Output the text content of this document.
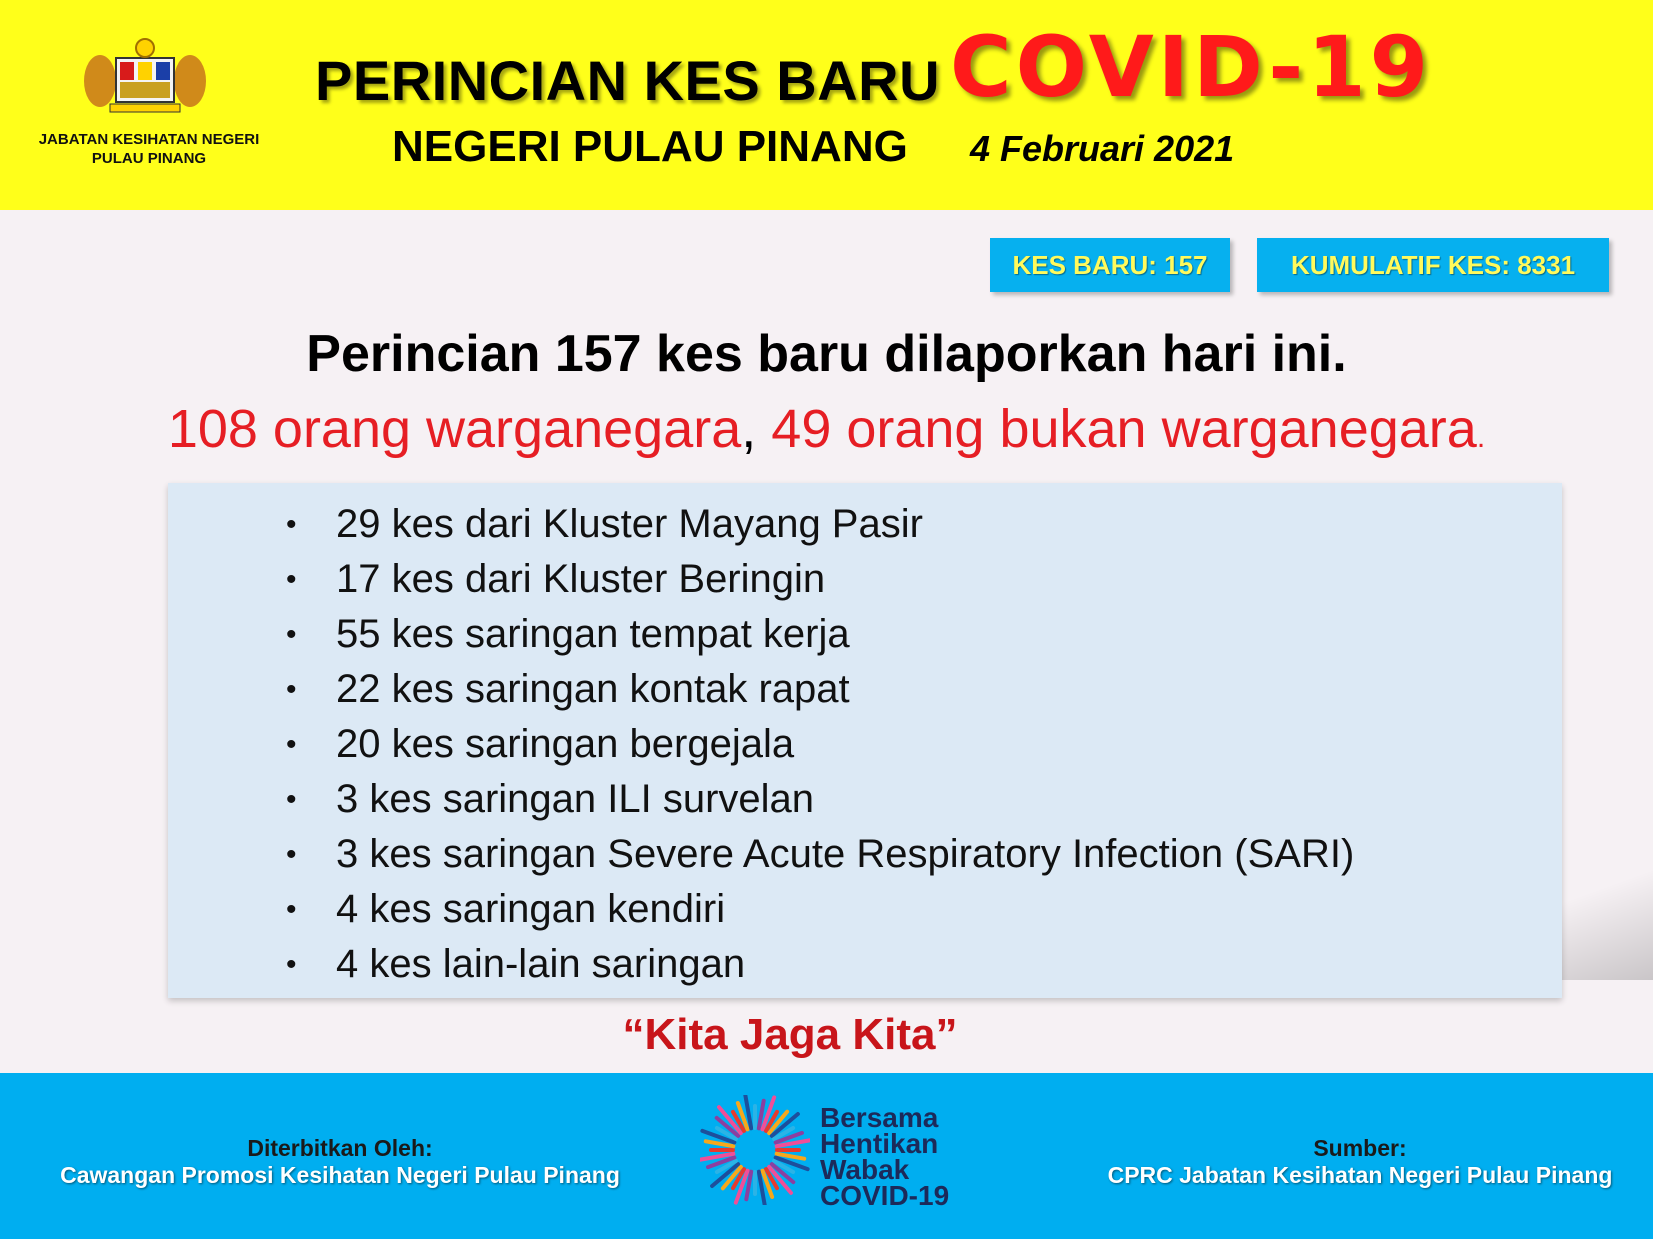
JABATAN KESIHATAN NEGERI
PULAU PINANG
PERINCIAN KES BARU COVID-19
NEGERI PULAU PINANG 4 Februari 2021
KES BARU: 157	KUMULATIF KES: 8331
Perincian 157 kes baru dilaporkan hari ini.
108 orang warganegara, 49 orang bukan warganegara.
• 29 kes dari Kluster Mayang Pasir
• 17 kes dari Kluster Beringin
• 55 kes saringan tempat kerja
• 22 kes saringan kontak rapat
• 20 kes saringan bergejala
• 3 kes saringan ILI survelan
• 3 kes saringan Severe Acute Respiratory Infection (SARI)
• 4 kes saringan kendiri
• 4 kes lain-lain saringan
“Kita Jaga Kita”
Diterbitkan Oleh:
Cawangan Promosi Kesihatan Negeri Pulau Pinang
Bersama
Hentikan
Wabak
COVID-19
Sumber:
CPRC Jabatan Kesihatan Negeri Pulau Pinang
